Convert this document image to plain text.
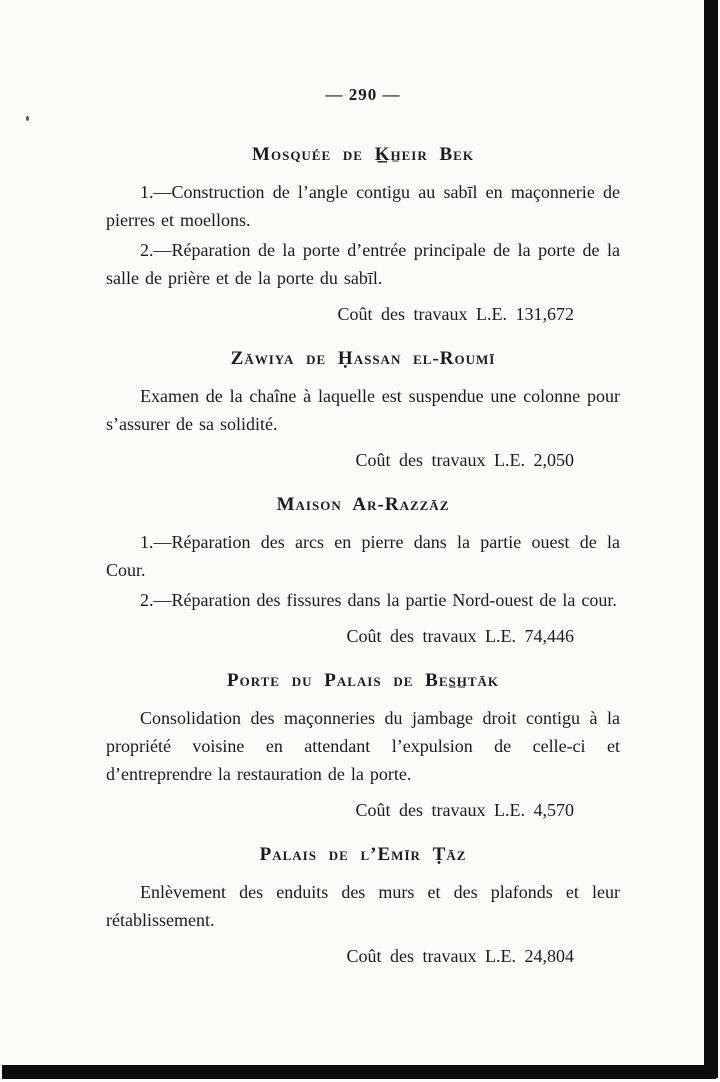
— 290 —
Mosquée de K̲h̲eir Bek

1.—Construction de l’angle contigu au sabīl en maçonnerie de pierres et moellons.

2.—Réparation de la porte d’entrée principale de la porte de la salle de prière et de la porte du sabīl.

Coût des travaux L.E. 131,672

Zāwiya de Ḥassan el-Roumī

Examen de la chaîne à laquelle est suspendue une colonne pour s’assurer de sa solidité.

Coût des travaux L.E. 2,050

Maison Ar-Razzāz

1.—Réparation des arcs en pierre dans la partie ouest de la Cour.

2.—Réparation des fissures dans la partie Nord-ouest de la cour.

Coût des travaux L.E. 74,446

Porte du Palais de Bes̲h̲tāk

Consolidation des maçonneries du jambage droit contigu à la propriété voisine en attendant l’expulsion de celle-ci et d’entreprendre la restauration de la porte.

Coût des travaux L.E. 4,570

Palais de l’Emīr Ṭāz

Enlèvement des enduits des murs et des plafonds et leur rétablissement.

Coût des travaux L.E. 24,804
